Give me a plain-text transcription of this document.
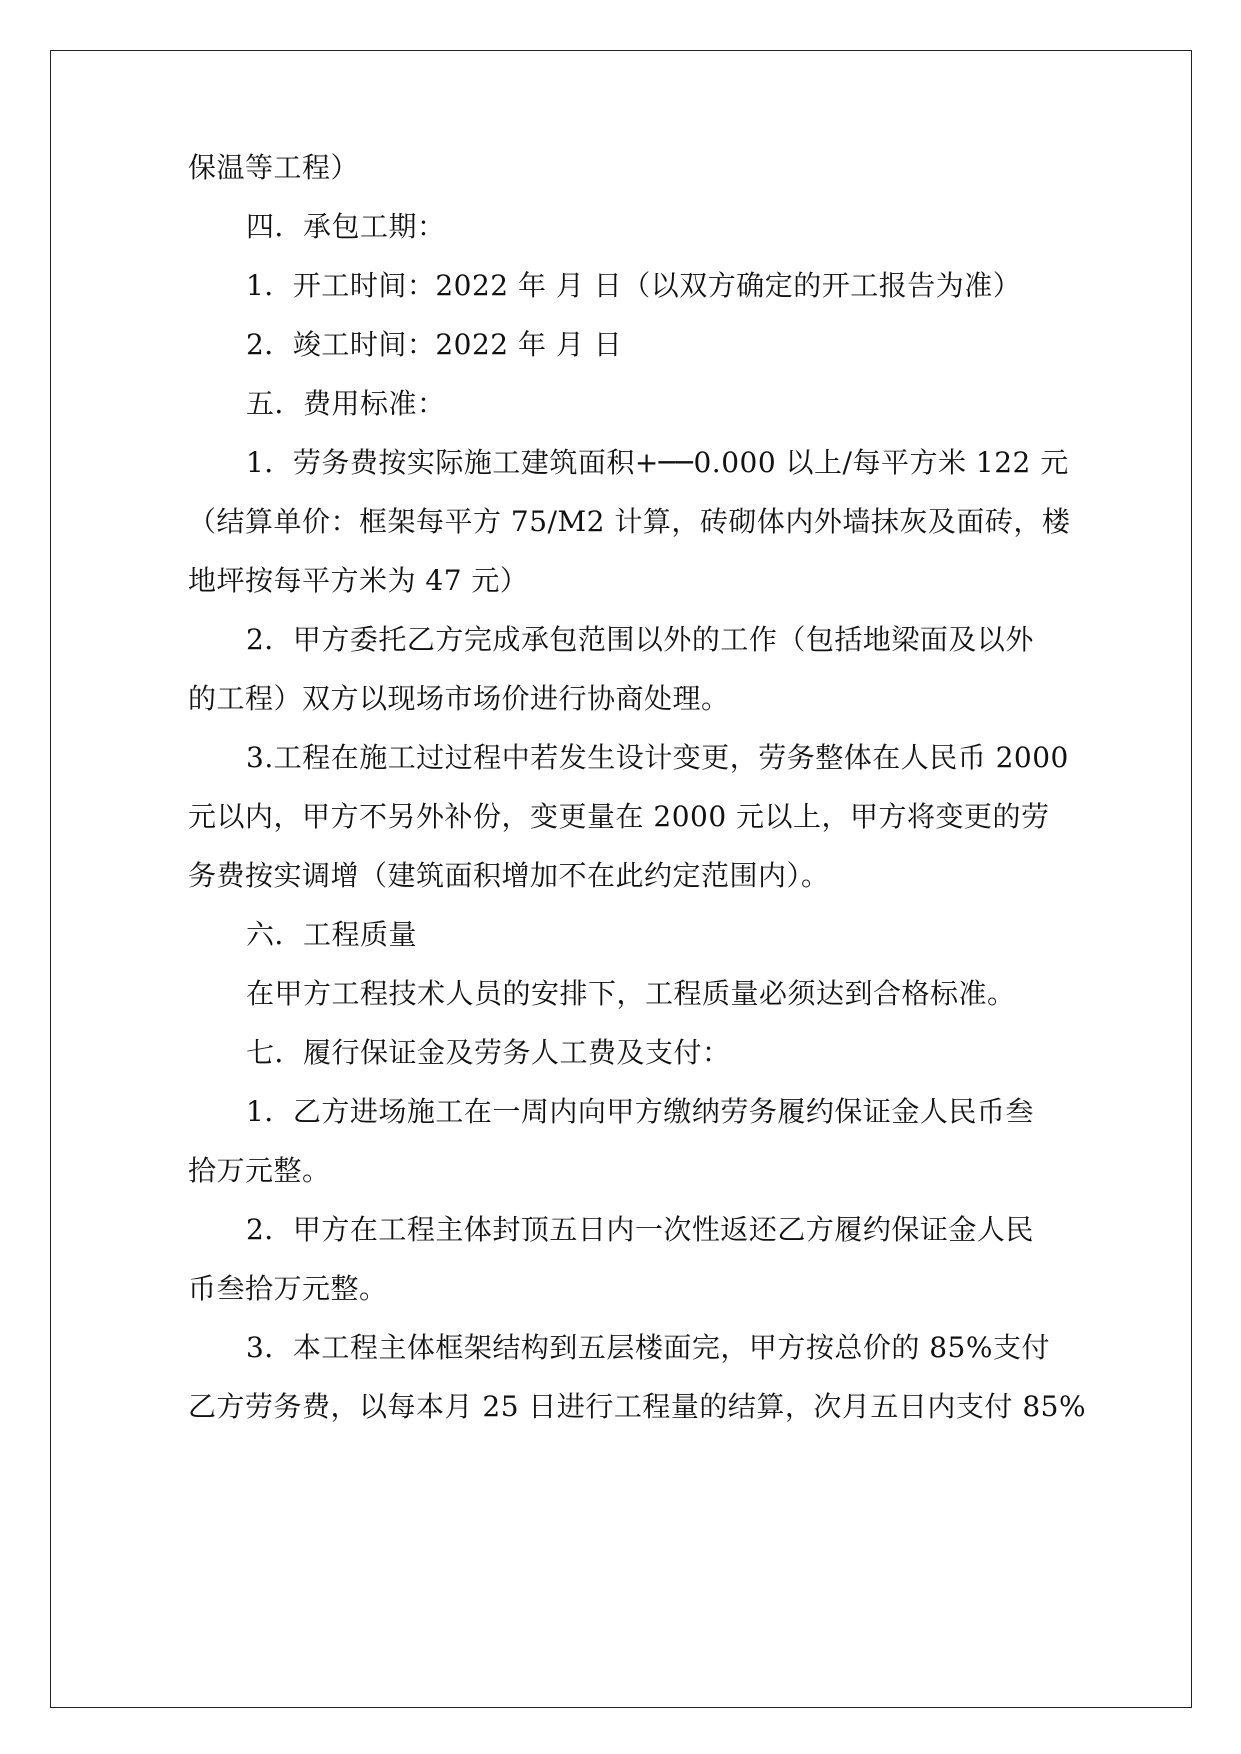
保温等工程）

四．承包工期：

1．开工时间：2022 年 月 日（以双方确定的开工报告为准）

2．竣工时间：2022 年 月 日

五．费用标准：

1．劳务费按实际施工建筑面积+──0.000 以上/每平方米 122 元

（结算单价：框架每平方 75/M2 计算，砖砌体内外墙抹灰及面砖，楼

地坪按每平方米为 47 元）

2．甲方委托乙方完成承包范围以外的工作（包括地梁面及以外

的工程）双方以现场市场价进行协商处理。

3.工程在施工过过程中若发生设计变更，劳务整体在人民币 2000

元以内，甲方不另外补份，变更量在 2000 元以上，甲方将变更的劳

务费按实调增（建筑面积增加不在此约定范围内）。

六．工程质量

在甲方工程技术人员的安排下，工程质量必须达到合格标准。

七．履行保证金及劳务人工费及支付：

1．乙方进场施工在一周内向甲方缴纳劳务履约保证金人民币叁

拾万元整。

2．甲方在工程主体封顶五日内一次性返还乙方履约保证金人民

币叁拾万元整。

3．本工程主体框架结构到五层楼面完，甲方按总价的 85%支付

乙方劳务费，以每本月 25 日进行工程量的结算，次月五日内支付 85%
